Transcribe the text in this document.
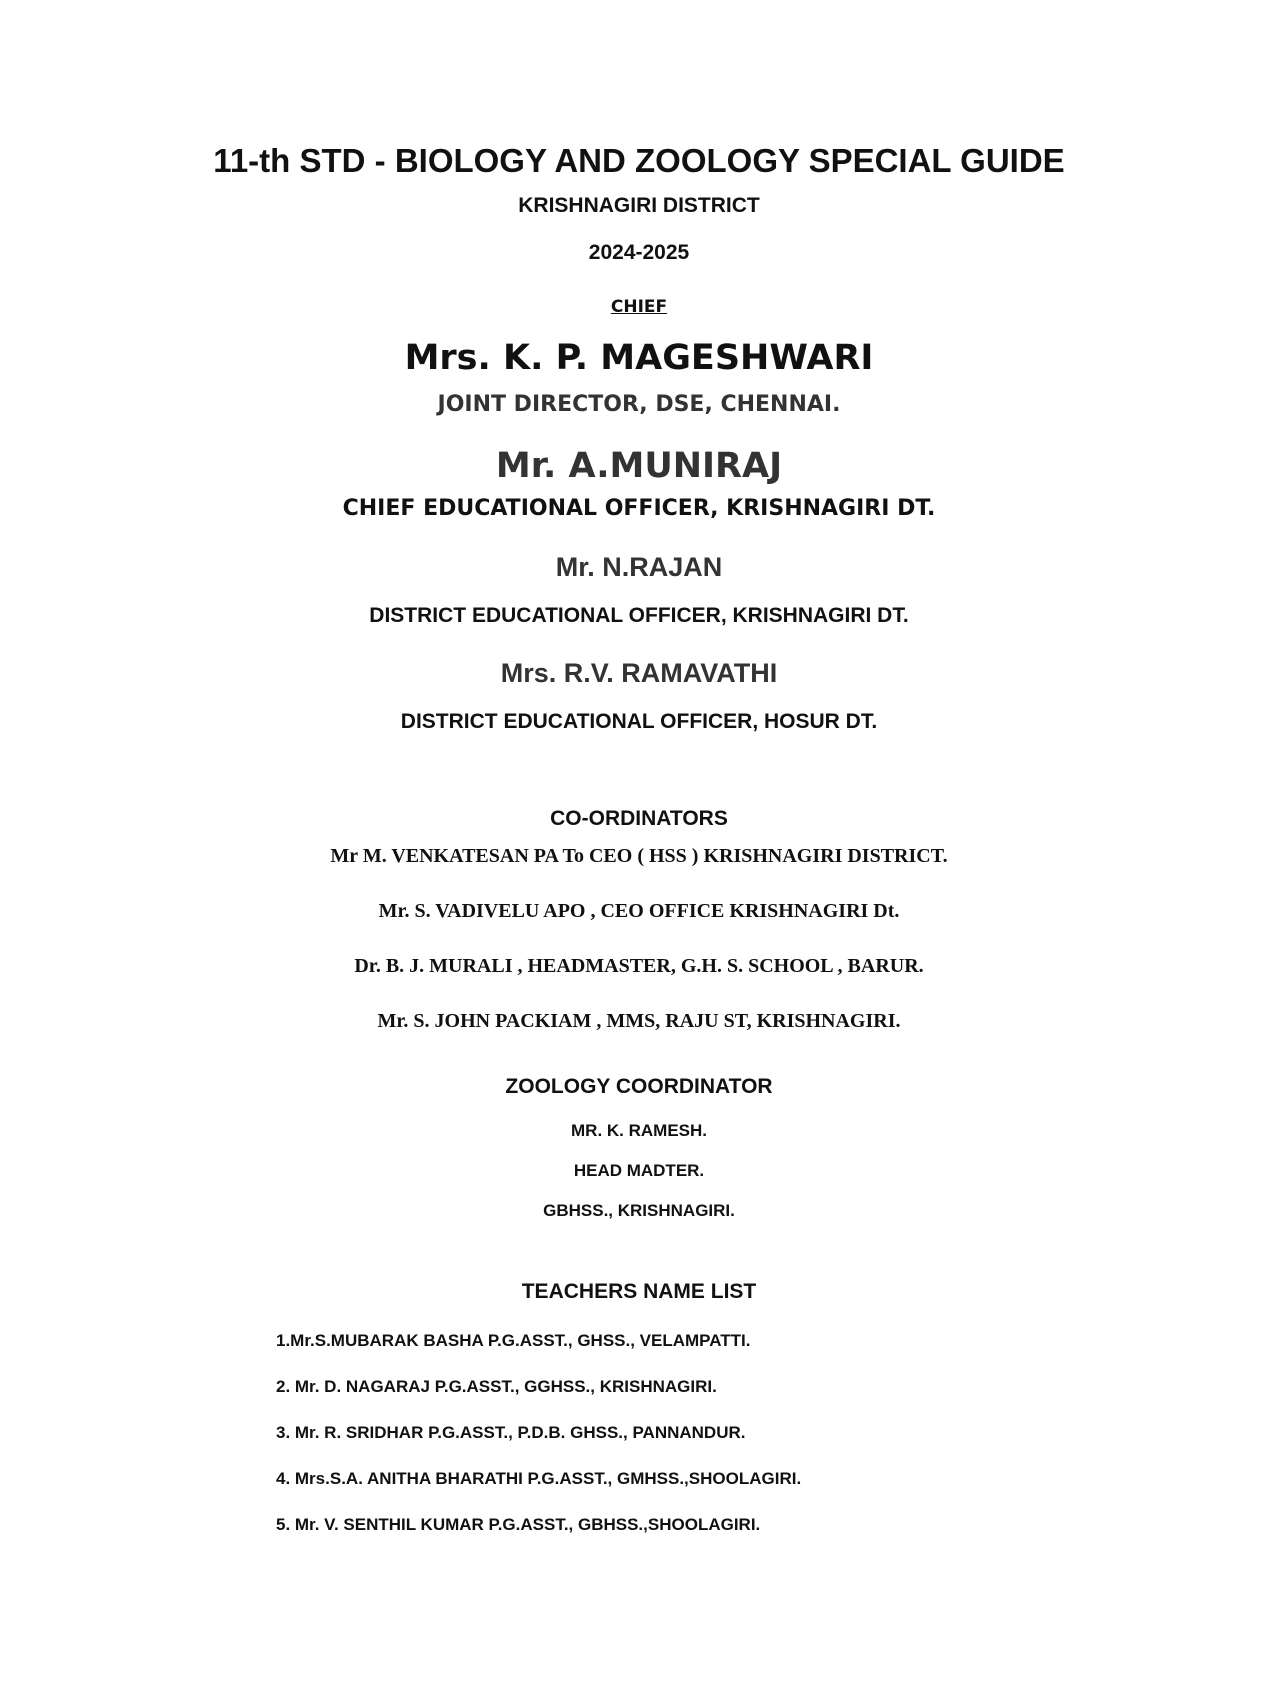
11-th STD - BIOLOGY AND ZOOLOGY SPECIAL GUIDE
KRISHNAGIRI DISTRICT
2024-2025
CHIEF
Mrs. K. P. MAGESHWARI
JOINT DIRECTOR, DSE, CHENNAI.
Mr. A.MUNIRAJ
CHIEF EDUCATIONAL OFFICER, KRISHNAGIRI DT.
Mr. N.RAJAN
DISTRICT EDUCATIONAL OFFICER, KRISHNAGIRI DT.
Mrs. R.V. RAMAVATHI
DISTRICT EDUCATIONAL OFFICER, HOSUR DT.
CO-ORDINATORS
Mr M. VENKATESAN PA To CEO ( HSS ) KRISHNAGIRI DISTRICT.
Mr. S. VADIVELU APO , CEO OFFICE KRISHNAGIRI Dt.
Dr. B. J. MURALI , HEADMASTER, G.H. S. SCHOOL , BARUR.
Mr. S. JOHN PACKIAM , MMS, RAJU ST, KRISHNAGIRI.
ZOOLOGY COORDINATOR
MR. K. RAMESH.
HEAD MADTER.
GBHSS., KRISHNAGIRI.
TEACHERS NAME LIST
1.Mr.S.MUBARAK BASHA P.G.ASST., GHSS., VELAMPATTI.
2. Mr. D. NAGARAJ P.G.ASST., GGHSS., KRISHNAGIRI.
3. Mr. R. SRIDHAR P.G.ASST., P.D.B. GHSS., PANNANDUR.
4. Mrs.S.A. ANITHA BHARATHI P.G.ASST., GMHSS.,SHOOLAGIRI.
5. Mr. V. SENTHIL KUMAR P.G.ASST., GBHSS.,SHOOLAGIRI.
